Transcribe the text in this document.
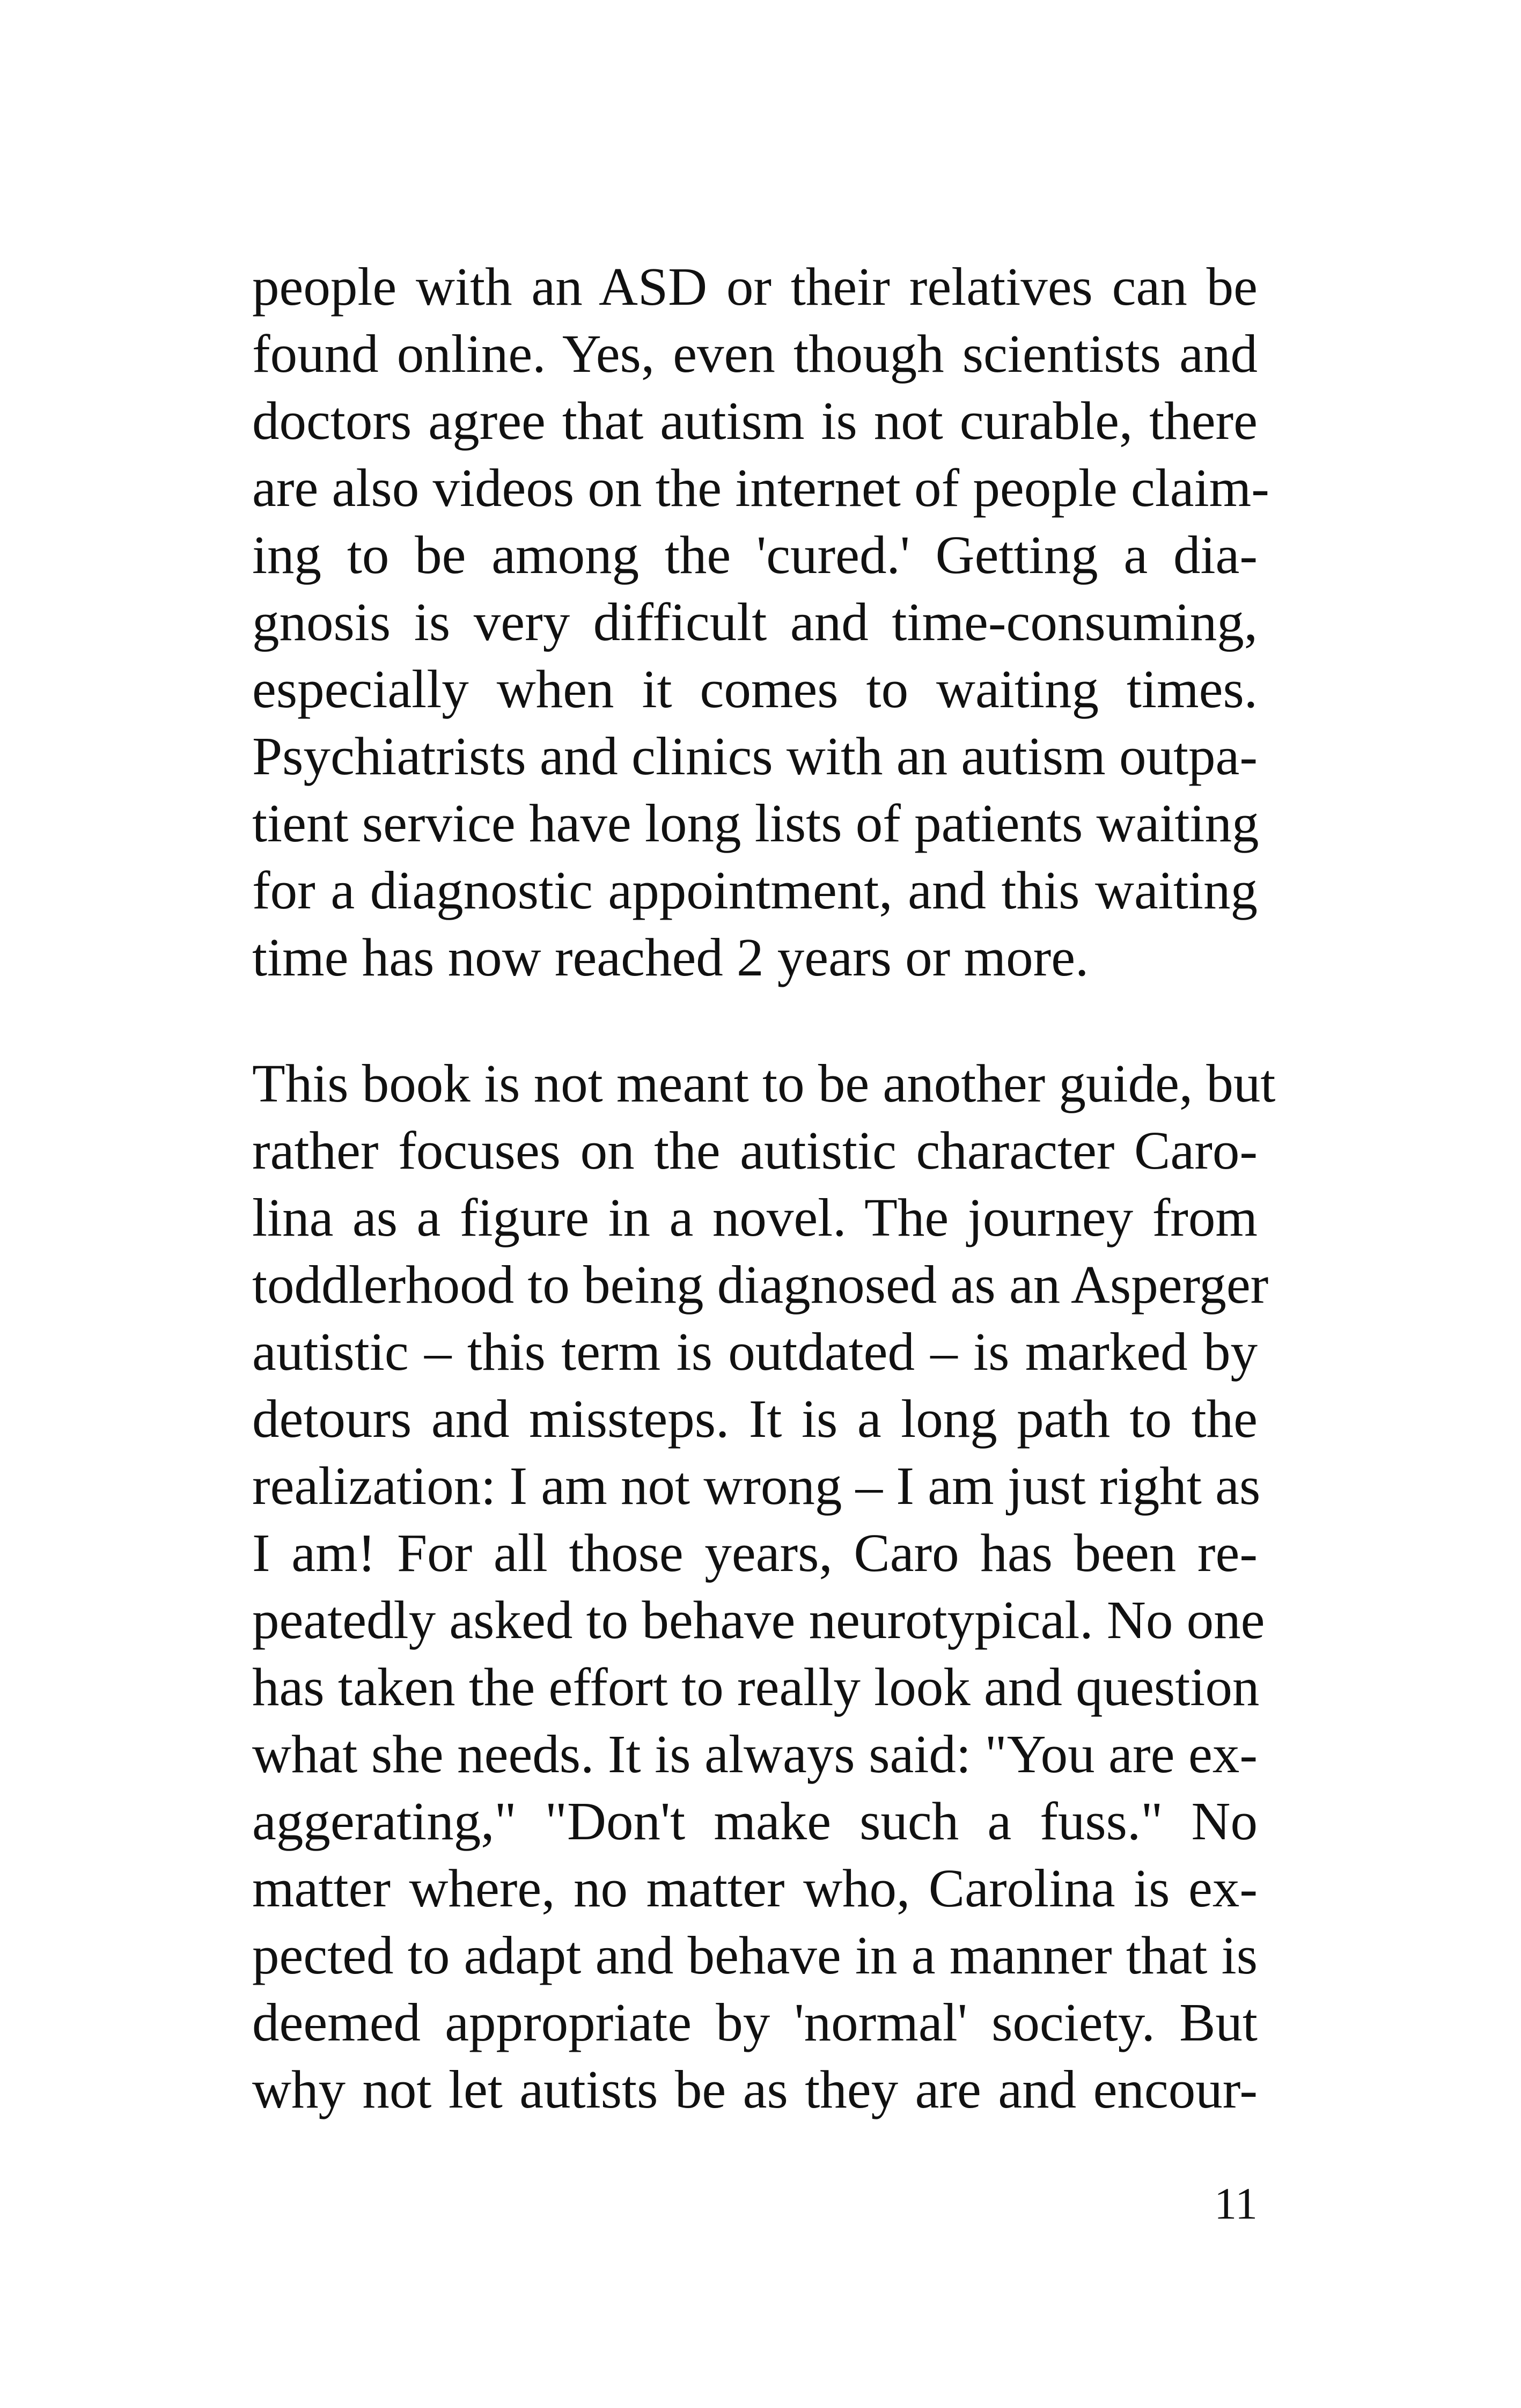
people with an ASD or their relatives can be
found online. Yes, even though scientists and
doctors agree that autism is not curable, there
are also videos on the internet of people claim-
ing to be among the 'cured.' Getting a dia-
gnosis is very difficult and time-consuming,
especially when it comes to waiting times.
Psychiatrists and clinics with an autism outpa-
tient service have long lists of patients waiting
for a diagnostic appointment, and this waiting
time has now reached 2 years or more.
This book is not meant to be another guide, but
rather focuses on the autistic character Caro-
lina as a figure in a novel. The journey from
toddlerhood to being diagnosed as an Asperger
autistic – this term is outdated – is marked by
detours and missteps. It is a long path to the
realization: I am not wrong – I am just right as
I am! For all those years, Caro has been re-
peatedly asked to behave neurotypical. No one
has taken the effort to really look and question
what she needs. It is always said: "You are ex-
aggerating," "Don't make such a fuss." No
matter where, no matter who, Carolina is ex-
pected to adapt and behave in a manner that is
deemed appropriate by 'normal' society. But
why not let autists be as they are and encour-
11
